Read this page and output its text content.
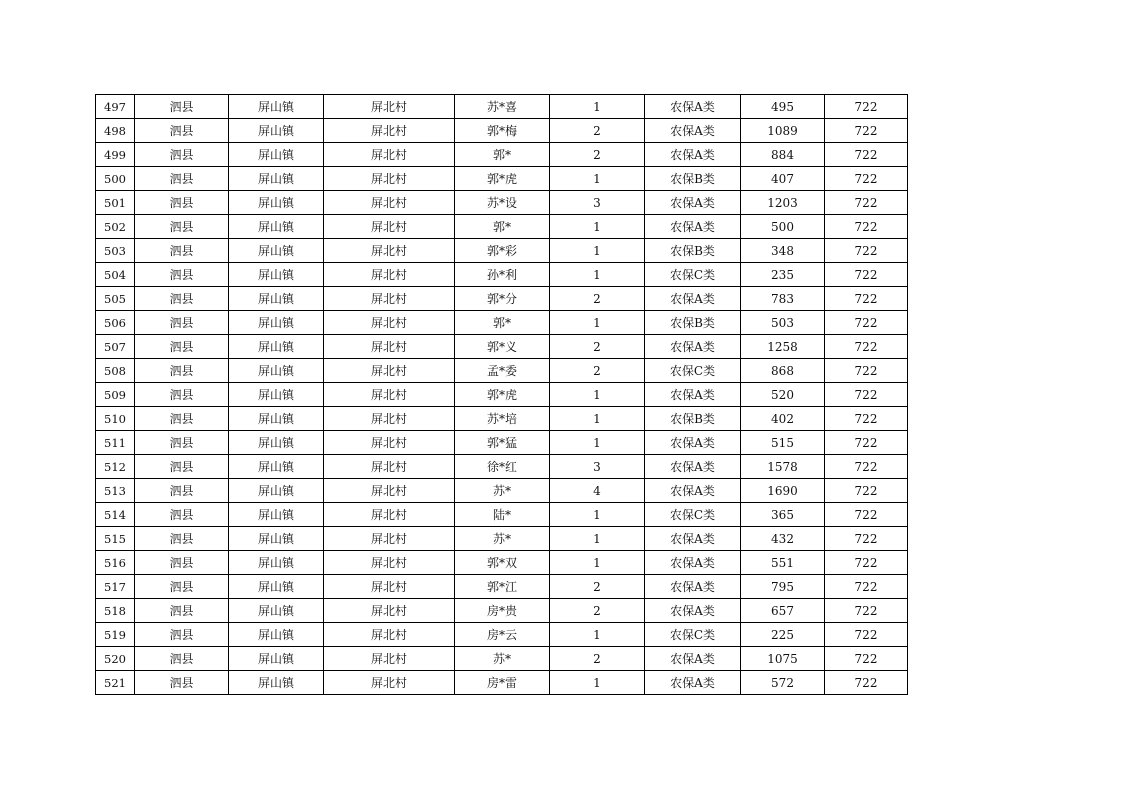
497	泗县	屏山镇	屏北村	苏*喜	1	农保A类	495	722
498	泗县	屏山镇	屏北村	郭*梅	2	农保A类	1089	722
499	泗县	屏山镇	屏北村	郭*	2	农保A类	884	722
500	泗县	屏山镇	屏北村	郭*虎	1	农保B类	407	722
501	泗县	屏山镇	屏北村	苏*设	3	农保A类	1203	722
502	泗县	屏山镇	屏北村	郭*	1	农保A类	500	722
503	泗县	屏山镇	屏北村	郭*彩	1	农保B类	348	722
504	泗县	屏山镇	屏北村	孙*利	1	农保C类	235	722
505	泗县	屏山镇	屏北村	郭*分	2	农保A类	783	722
506	泗县	屏山镇	屏北村	郭*	1	农保B类	503	722
507	泗县	屏山镇	屏北村	郭*义	2	农保A类	1258	722
508	泗县	屏山镇	屏北村	孟*委	2	农保C类	868	722
509	泗县	屏山镇	屏北村	郭*虎	1	农保A类	520	722
510	泗县	屏山镇	屏北村	苏*培	1	农保B类	402	722
511	泗县	屏山镇	屏北村	郭*猛	1	农保A类	515	722
512	泗县	屏山镇	屏北村	徐*红	3	农保A类	1578	722
513	泗县	屏山镇	屏北村	苏*	4	农保A类	1690	722
514	泗县	屏山镇	屏北村	陆*	1	农保C类	365	722
515	泗县	屏山镇	屏北村	苏*	1	农保A类	432	722
516	泗县	屏山镇	屏北村	郭*双	1	农保A类	551	722
517	泗县	屏山镇	屏北村	郭*江	2	农保A类	795	722
518	泗县	屏山镇	屏北村	房*贵	2	农保A类	657	722
519	泗县	屏山镇	屏北村	房*云	1	农保C类	225	722
520	泗县	屏山镇	屏北村	苏*	2	农保A类	1075	722
521	泗县	屏山镇	屏北村	房*雷	1	农保A类	572	722
